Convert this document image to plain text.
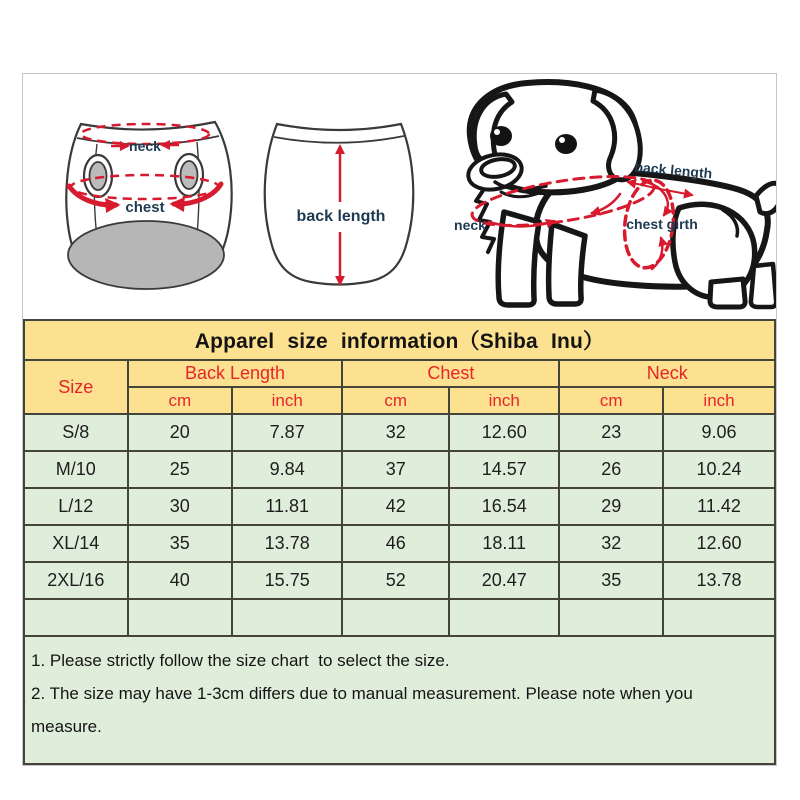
neck
chest
back length	neck
back length
chest girth
Apparel size information（Shiba Inu）						
Size	Back Length		Chest		Neck	
	cm	inch	cm	inch	cm	inch
S/8	20	7.87	32	12.60	23	9.06
M/10	25	9.84	37	14.57	26	10.24
L/12	30	11.81	42	16.54	29	11.42
XL/14	35	13.78	46	18.11	32	12.60
2XL/16	40	15.75	52	20.47	35	13.78

1. Please strictly follow the size chart  to select the size.
2. The size may have 1-3cm differs due to manual measurement. Please note when you measure.						
